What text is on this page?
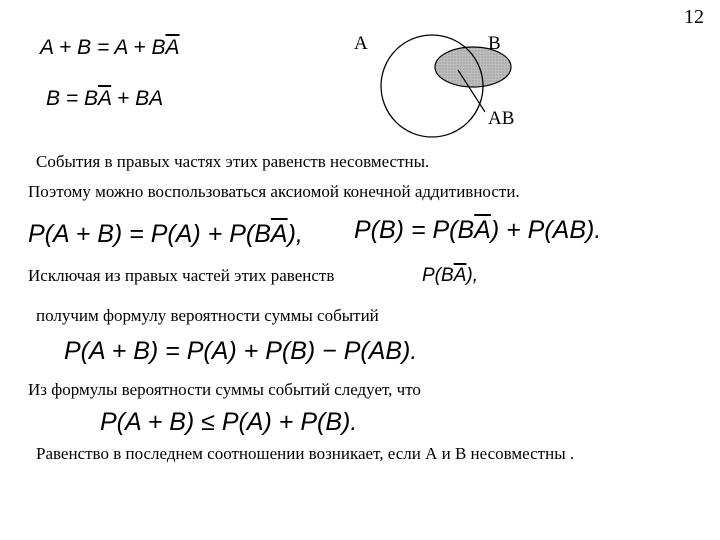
12
$A + B = A + B\overline{A}$
$B = B\overline{A}$ + BA
A	B
AB
События в правых частях этих равенств несовместны.
Поэтому можно воспользоваться аксиомой конечной аддитивности.
$P(A + B) = P(A) + P(B\overline{A})$, $P(B) = P(B\overline{A}) + P(AB)$.
Исключая из правых частей этих равенств	$P(B\overline{A})$,
получим формулу вероятности суммы событий
P(A + B) = P(A) + P(B) − P(AB).
Из формулы вероятности суммы событий следует, что
P(A + B) ≤ P(A) + P(B).
Равенство в последнем соотношении возникает, если А и В несовместны .
